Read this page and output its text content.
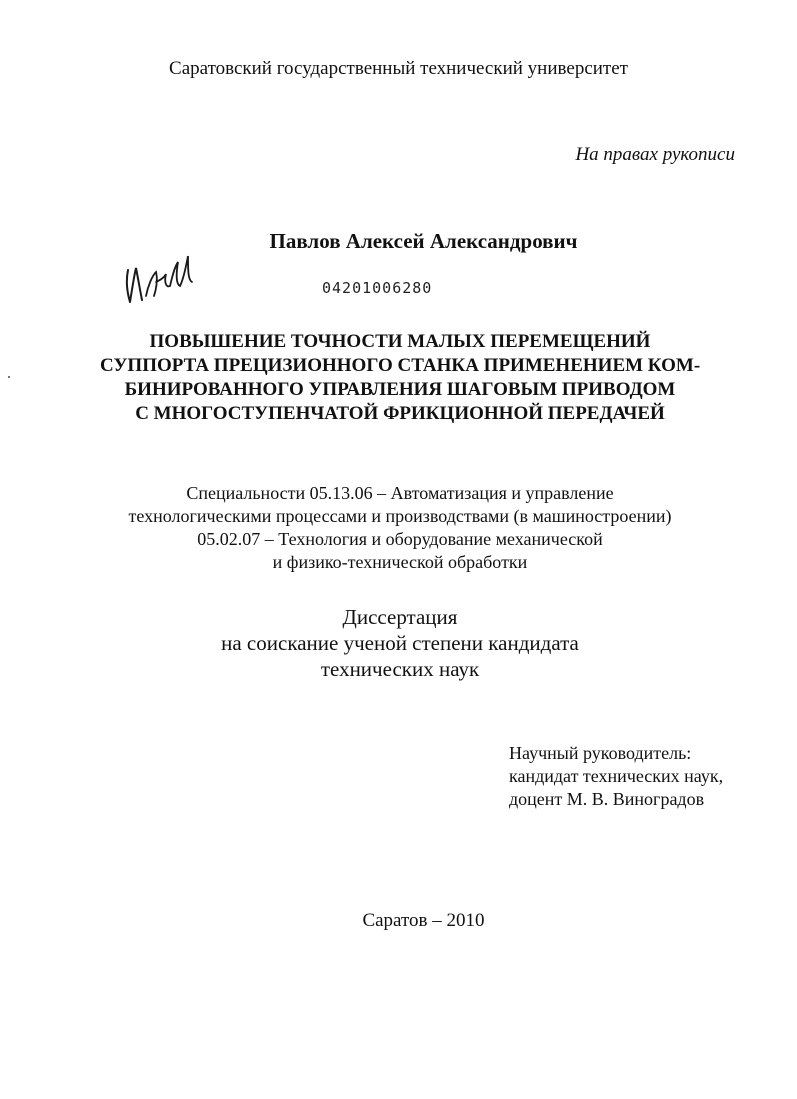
Саратовский государственный технический университет
На правах рукописи
Павлов Алексей Александрович
04201006280
ПОВЫШЕНИЕ ТОЧНОСТИ МАЛЫХ ПЕРЕМЕЩЕНИЙ
СУППОРТА ПРЕЦИЗИОННОГО СТАНКА ПРИМЕНЕНИЕМ КОМ-
БИНИРОВАННОГО УПРАВЛЕНИЯ ШАГОВЫМ ПРИВОДОМ
С МНОГОСТУПЕНЧАТОЙ ФРИКЦИОННОЙ ПЕРЕДАЧЕЙ
Специальности 05.13.06 – Автоматизация и управление
технологическими процессами и производствами (в машиностроении)
05.02.07 – Технология и оборудование механической
и физико-технической обработки
Диссертация
на соискание ученой степени кандидата
технических наук
Научный руководитель:
кандидат технических наук,
доцент М. В. Виноградов
Саратов – 2010
